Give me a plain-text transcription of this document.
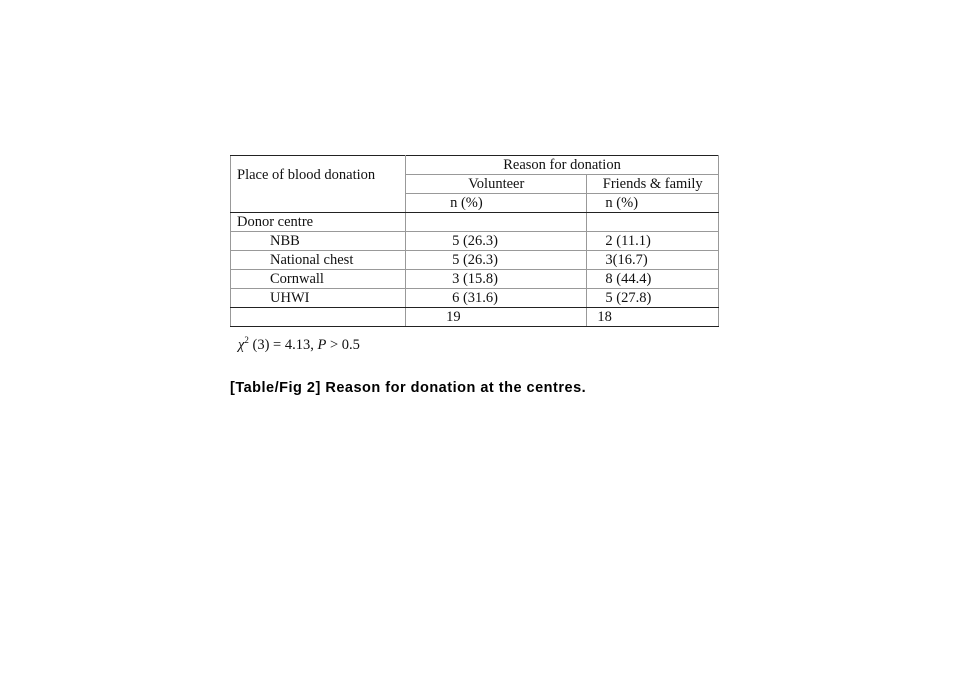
Place of blood donation	Reason for donation	
	Volunteer	Friends & family
	n (%)	n (%)
Donor centre		
NBB	5 (26.3)	2 (11.1)
National chest	5 (26.3)	3(16.7)
Cornwall	3 (15.8)	8 (44.4)
UHWI	6 (31.6)	5 (27.8)
	19	18
$\chi^2$ (3) = 4.13, P > 0.5
[Table/Fig 2] Reason for donation at the centres.
